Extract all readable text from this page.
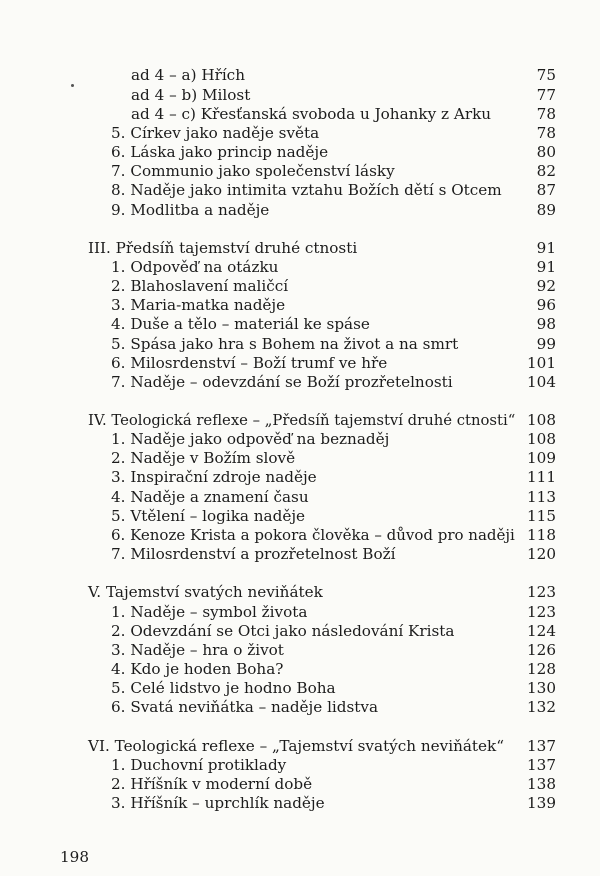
ad 4 – a) Hřích	75
ad 4 – b) Milost	77
ad 4 – c) Křesťanská svoboda u Johanky z Arku	78
5. Církev jako naděje světa	78
6. Láska jako princip naděje	80
7. Communio jako společenství lásky	82
8. Naděje jako intimita vztahu Božích dětí s Otcem 87
9. Modlitba a naděje	89
III. Předsíň tajemství druhé ctnosti	91
1. Odpověď na otázku	91
2. Blahoslavení maličcí	92
3. Maria-matka naděje	96
4. Duše a tělo – materiál ke spáse	98
5. Spása jako hra s Bohem na život a na smrt	99
6. Milosrdenství – Boží trumf ve hře	101
7. Naděje – odevzdání se Boží prozřetelnosti	104
IV. Teologická reflexe – „Předsíň tajemství druhé ctnosti“ 108
1. Naděje jako odpověď na beznaděj	108
2. Naděje v Božím slově	109
3. Inspirační zdroje naděje	111
4. Naděje a znamení času	113
5. Vtělení – logika naděje	115
6. Kenoze Krista a pokora člověka – důvod pro naději 118
7. Milosrdenství a prozřetelnost Boží	120
V. Tajemství svatých neviňátek	123
1. Naděje – symbol života	123
2. Odevzdání se Otci jako následování Krista	124
3. Naděje – hra o život	126
4. Kdo je hoden Boha?	128
5. Celé lidstvo je hodno Boha	130
6. Svatá neviňátka – naděje lidstva	132
VI. Teologická reflexe – „Tajemství svatých neviňátek“ 137
1. Duchovní protiklady	137
2. Hříšník v moderní době	138
3. Hříšník – uprchlík naděje	139
198
